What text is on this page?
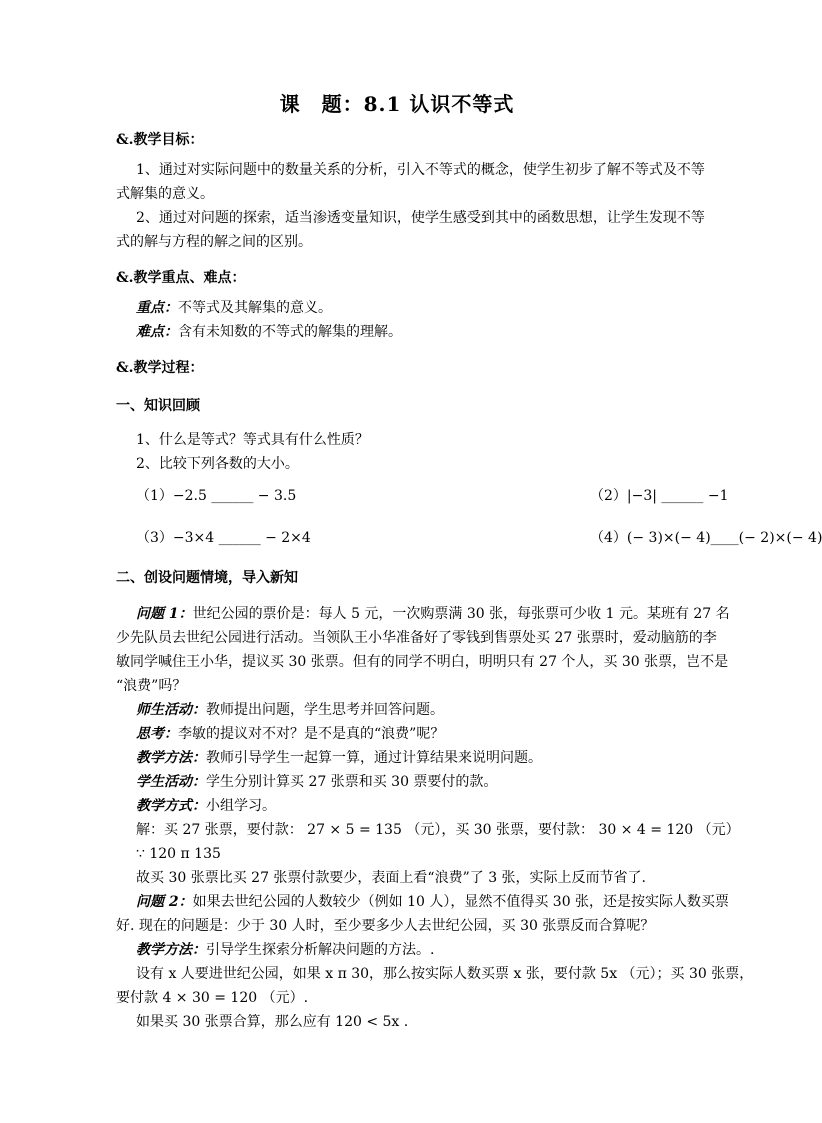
课　题：8.1 认识不等式
&.教学目标：
1、通过对实际问题中的数量关系的分析，引入不等式的概念，使学生初步了解不等式及不等
式解集的意义。
2、通过对问题的探索，适当渗透变量知识，使学生感受到其中的函数思想，让学生发现不等
式的解与方程的解之间的区别。
&.教学重点、难点：
重点：不等式及其解集的意义。
难点：含有未知数的不等式的解集的理解。
&.教学过程：
一、知识回顾
1、什么是等式？等式具有什么性质？
2、比较下列各数的大小。
（1）−2.5 ______ − 3.5	（2）|−3| ______ −1
（3）−3×4 ______ − 2×4	（4）(− 3)×(− 4)____(− 2)×(− 4)
二、创设问题情境，导入新知
问题 1：世纪公园的票价是：每人 5 元，一次购票满 30 张，每张票可少收 1 元。某班有 27 名
少先队员去世纪公园进行活动。当领队王小华准备好了零钱到售票处买 27 张票时，爱动脑筋的李
敏同学喊住王小华，提议买 30 张票。但有的同学不明白，明明只有 27 个人，买 30 张票，岂不是
“浪费”吗？
师生活动：教师提出问题，学生思考并回答问题。
思考：李敏的提议对不对？是不是真的“浪费”呢？
教学方法：教师引导学生一起算一算，通过计算结果来说明问题。
学生活动：学生分别计算买 27 张票和买 30 票要付的款。
教学方式：小组学习。
解：买 27 张票，要付款： 27 × 5 = 135 （元），买 30 张票，要付款： 30 × 4 = 120 （元）
∵ 120 π 135
故买 30 张票比买 27 张票付款要少，表面上看“浪费”了 3 张，实际上反而节省了.
问题 2：如果去世纪公园的人数较少（例如 10 人），显然不值得买 30 张，还是按实际人数买票
好. 现在的问题是：少于 30 人时，至少要多少人去世纪公园，买 30 张票反而合算呢？
教学方法：引导学生探索分析解决问题的方法。.
设有 x 人要进世纪公园，如果 x π 30，那么按实际人数买票 x 张，要付款 5x （元）；买 30 张票，
要付款 4 × 30 = 120 （元）.
如果买 30 张票合算，那么应有 120 < 5x .
